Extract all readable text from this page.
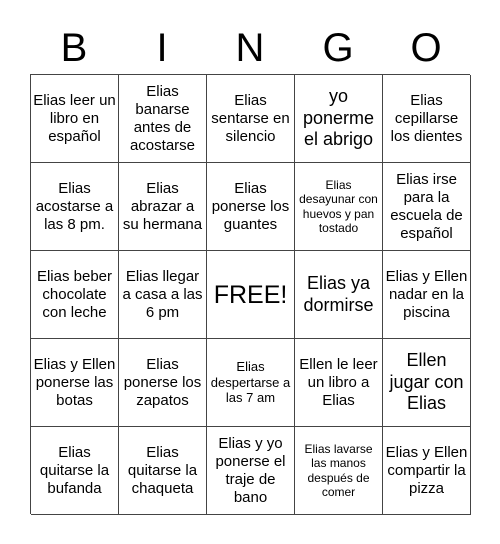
B	I	N	G	O
Elias leer un libro en español
Elias banarse antes de acostarse
Elias sentarse en silencio
yo ponerme el abrigo
Elias cepillarse los dientes
Elias acostarse a las 8 pm.
Elias abrazar a su hermana
Elias ponerse los guantes
Elias desayunar con huevos y pan tostado
Elias irse para la escuela de español
Elias beber chocolate con leche
Elias llegar a casa a las 6 pm
FREE!	Elias ya dormirse
Elias y Ellen nadar en la piscina
Elias y Ellen ponerse las botas
Elias ponerse los zapatos
Elias despertarse a las 7 am
Ellen le leer un libro a Elias
Ellen jugar con Elias
Elias quitarse la bufanda
Elias quitarse la chaqueta
Elias y yo ponerse el traje de bano
Elias lavarse las manos después de comer
Elias y Ellen compartir la pizza
